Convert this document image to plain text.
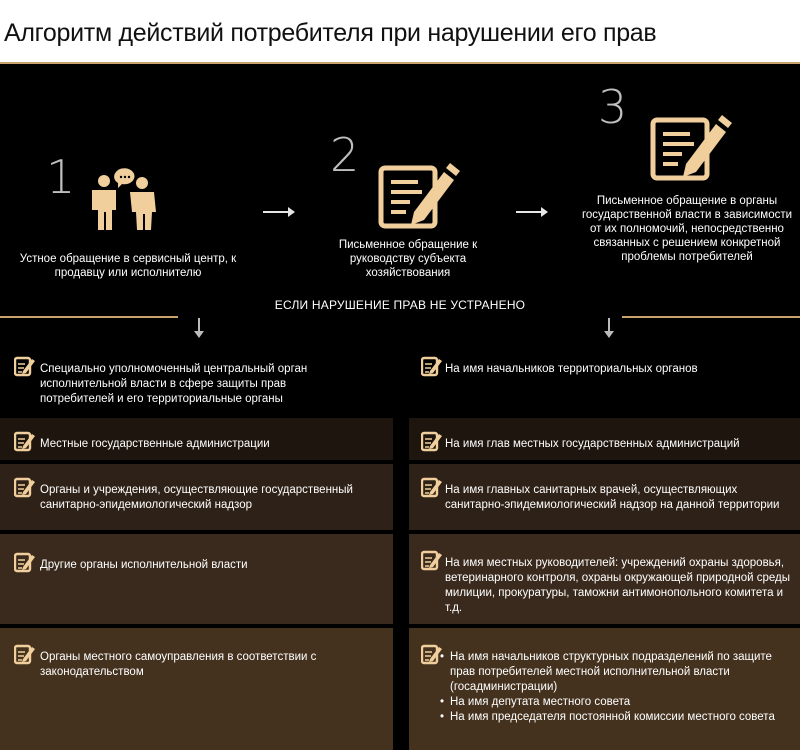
Алгоритм действий потребителя при нарушении его прав
1
Устное обращение в сервисный центр, к продавцу или исполнителю
2
Письменное обращение к руководству субъекта хозяйствования
3
Письменное обращение в органы государственной власти в зависимости от их полномочий, непосредственно связанных с решением конкретной проблемы потребителей
ЕСЛИ НАРУШЕНИЕ ПРАВ НЕ УСТРАНЕНО
Специально уполномоченный центральный орган исполнительной власти в сфере защиты прав потребителей и его территориальные органы
Местные государственные администрации
Органы и учреждения, осуществляющие государственный санитарно-эпидемиологический надзор
Другие органы исполнительной власти
Органы местного самоуправления в соответствии с законодательством
На имя начальников территориальных органов
На имя глав местных государственных администраций
На имя главных санитарных врачей, осуществляющих санитарно-эпидемиологический надзор на данной территории
На имя местных руководителей: учреждений охраны здоровья, ветеринарного контроля, охраны окружающей природной среды милиции, прокуратуры, таможни антимонопольного комитета и т.д.
• На имя начальников структурных подразделений по защите прав потребителей местной исполнительной власти (госадминистрации)
• На имя депутата местного совета
• На имя председателя постоянной комиссии местного совета
